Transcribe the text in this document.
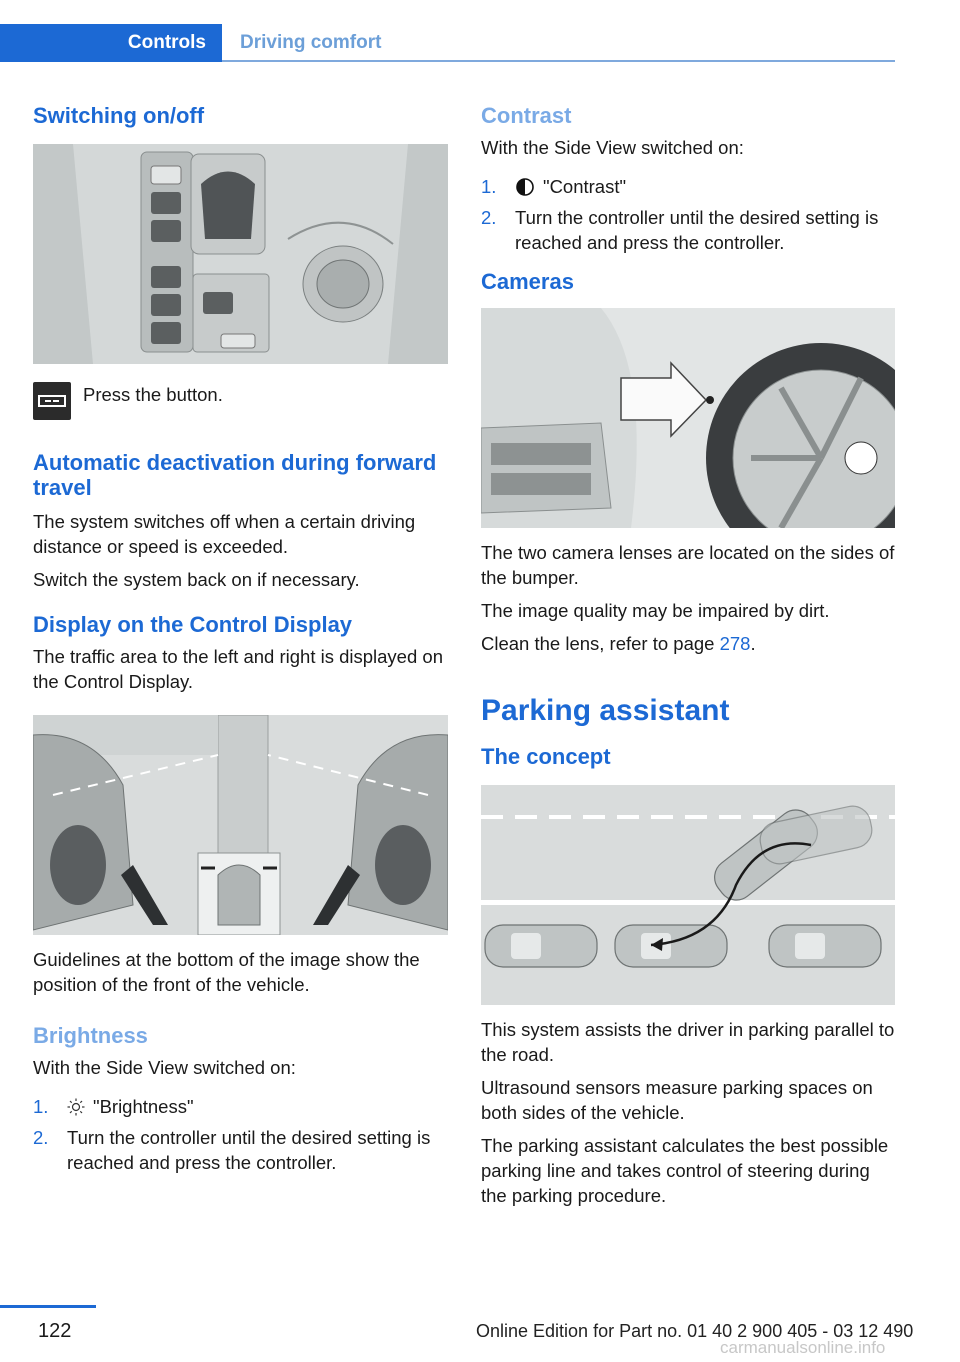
Controls	Driving comfort
Switching on/off

Press the button.

Automatic deactivation during forward travel

The system switches off when a certain driving distance or speed is exceeded.

Switch the system back on if necessary.

Display on the Control Display

The traffic area to the left and right is displayed on the Control Display.

Guidelines at the bottom of the image show the position of the front of the vehicle.

Brightness

With the Side View switched on:

1.	"Brightness"
2.	Turn the controller until the desired setting is reached and press the controller.
Contrast

With the Side View switched on:

1.	"Contrast"
2.	Turn the controller until the desired setting is reached and press the controller.
Cameras

The two camera lenses are located on the sides of the bumper.

The image quality may be impaired by dirt.

Clean the lens, refer to page 278.

Parking assistant
The concept

This system assists the driver in parking parallel to the road.

Ultrasound sensors measure parking spaces on both sides of the vehicle.

The parking assistant calculates the best possible parking line and takes control of steering during the parking procedure.

122	Online Edition for Part no. 01 40 2 900 405 - 03 12 490
carmanualsonline.info
